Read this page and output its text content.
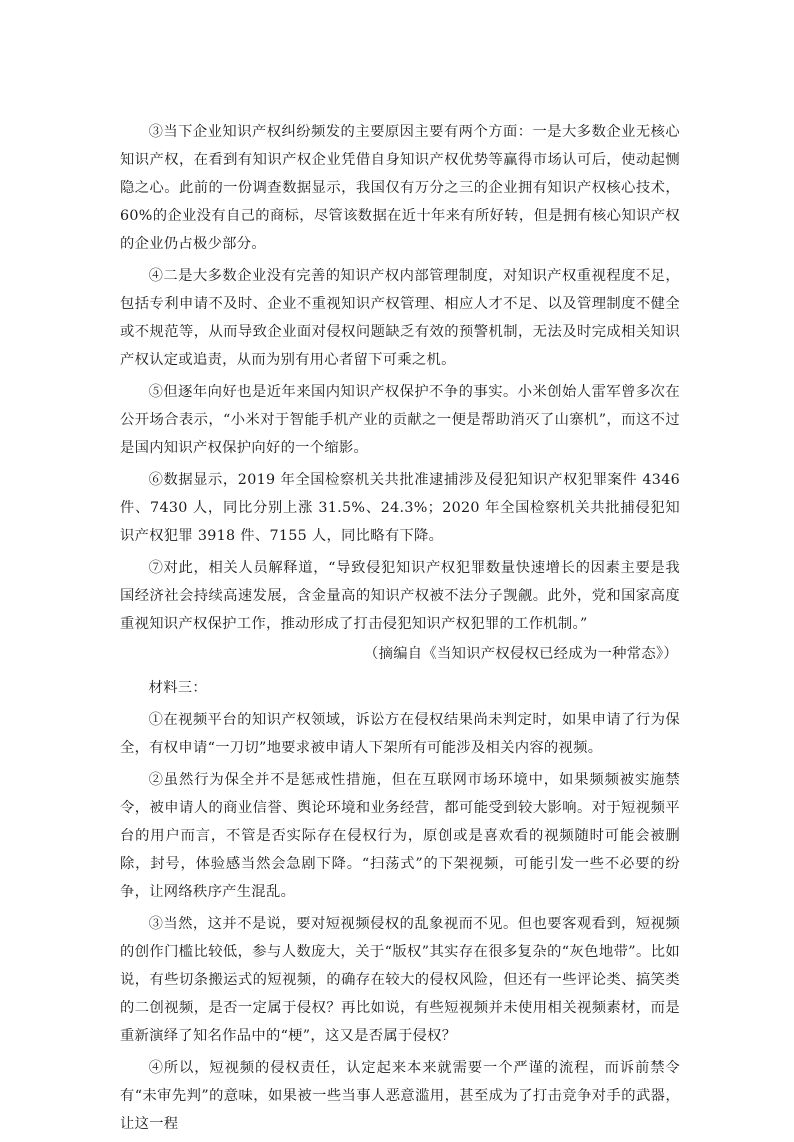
③当下企业知识产权纠纷频发的主要原因主要有两个方面：一是大多数企业无核心知识产权，在看到有知识产权企业凭借自身知识产权优势等赢得市场认可后，使动起恻隐之心。此前的一份调查数据显示，我国仅有万分之三的企业拥有知识产权核心技术，60%的企业没有自己的商标，尽管该数据在近十年来有所好转，但是拥有核心知识产权的企业仍占极少部分。

④二是大多数企业没有完善的知识产权内部管理制度，对知识产权重视程度不足，包括专利申请不及时、企业不重视知识产权管理、相应人才不足、以及管理制度不健全或不规范等，从而导致企业面对侵权问题缺乏有效的预警机制，无法及时完成相关知识产权认定或追责，从而为别有用心者留下可乘之机。

⑤但逐年向好也是近年来国内知识产权保护不争的事实。小米创始人雷军曾多次在公开场合表示，“小米对于智能手机产业的贡献之一便是帮助消灭了山寨机”，而这不过是国内知识产权保护向好的一个缩影。

⑥数据显示，2019 年全国检察机关共批准逮捕涉及侵犯知识产权犯罪案件 4346 件、7430 人，同比分别上涨 31.5%、24.3%；2020 年全国检察机关共批捕侵犯知识产权犯罪 3918 件、7155 人，同比略有下降。

⑦对此，相关人员解释道，“导致侵犯知识产权犯罪数量快速增长的因素主要是我国经济社会持续高速发展，含金量高的知识产权被不法分子觊觎。此外，党和国家高度重视知识产权保护工作，推动形成了打击侵犯知识产权犯罪的工作机制。”

（摘编自《当知识产权侵权已经成为一种常态》）

材料三：

①在视频平台的知识产权领域，诉讼方在侵权结果尚未判定时，如果申请了行为保全，有权申请“一刀切”地要求被申请人下架所有可能涉及相关内容的视频。

②虽然行为保全并不是惩戒性措施，但在互联网市场环境中，如果频频被实施禁令，被申请人的商业信誉、舆论环境和业务经营，都可能受到较大影响。对于短视频平台的用户而言，不管是否实际存在侵权行为，原创或是喜欢看的视频随时可能会被删除，封号，体验感当然会急剧下降。“扫荡式”的下架视频，可能引发一些不必要的纷争，让网络秩序产生混乱。

③当然，这并不是说，要对短视频侵权的乱象视而不见。但也要客观看到，短视频的创作门槛比较低，参与人数庞大，关于“版权”其实存在很多复杂的“灰色地带”。比如说，有些切条搬运式的短视频，的确存在较大的侵权风险，但还有一些评论类、搞笑类的二创视频，是否一定属于侵权？再比如说，有些短视频并未使用相关视频素材，而是重新演绎了知名作品中的“梗”，这又是否属于侵权？

④所以，短视频的侵权责任，认定起来本来就需要一个严谨的流程，而诉前禁令有“未审先判”的意味，如果被一些当事人恶意滥用，甚至成为了打击竞争对手的武器，让这一程
